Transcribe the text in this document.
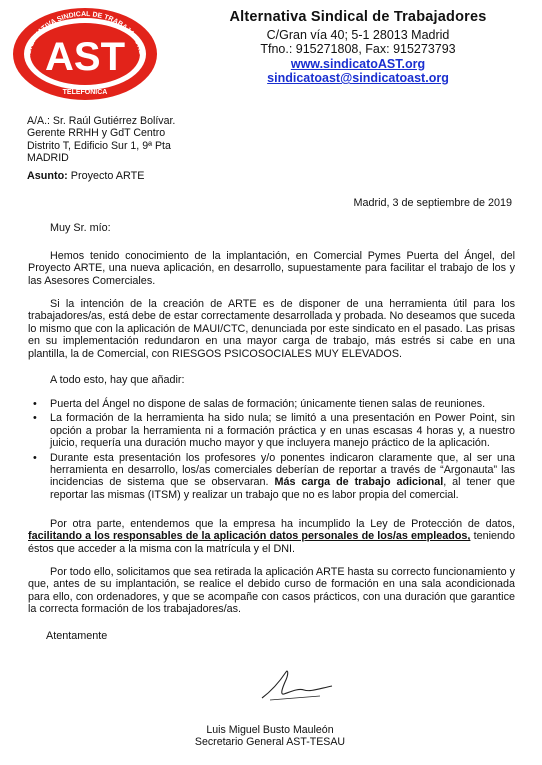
ALTERNATIVA SINDICAL DE TRABAJADORES
AST
TELEFONICA
Alternativa Sindical de Trabajadores
C/Gran vía 40; 5-1 28013 Madrid
Tfno.: 915271808, Fax: 915273793
www.sindicatoAST.org
sindicatoast@sindicatoast.org
A/A.: Sr. Raúl Gutiérrez Bolívar.
Gerente RRHH y GdT Centro
Distrito T, Edificio Sur 1, 9ª Pta
MADRID
Asunto: Proyecto ARTE
Madrid, 3 de septiembre de 2019
Muy Sr. mío:
Hemos tenido conocimiento de la implantación, en Comercial Pymes Puerta del Ángel, del Proyecto ARTE, una nueva aplicación, en desarrollo, supuestamente para facilitar el trabajo de los y las Asesores Comerciales.
Si la intención de la creación de ARTE es de disponer de una herramienta útil para los trabajadores/as, está debe de estar correctamente desarrollada y probada. No deseamos que suceda lo mismo que con la aplicación de MAUI/CTC, denunciada por este sindicato en el pasado. Las prisas en su implementación redundaron en una mayor carga de trabajo, más estrés si cabe en una plantilla, la de Comercial, con RIESGOS PSICOSOCIALES MUY ELEVADOS.
A todo esto, hay que añadir:
• Puerta del Ángel no dispone de salas de formación; únicamente tienen salas de reuniones.
• La formación de la herramienta ha sido nula; se limitó a una presentación en Power Point, sin opción a probar la herramienta ni a formación práctica y en unas escasas 4 horas y, a nuestro juicio, requería una duración mucho mayor y que incluyera manejo práctico de la aplicación.
• Durante esta presentación los profesores y/o ponentes indicaron claramente que, al ser una herramienta en desarrollo, los/as comerciales deberían de reportar a través de “Argonauta” las incidencias de sistema que se observaran. Más carga de trabajo adicional, al tener que reportar las mismas (ITSM) y realizar un trabajo que no es labor propia del comercial.
Por otra parte, entendemos que la empresa ha incumplido la Ley de Protección de datos, facilitando a los responsables de la aplicación datos personales de los/as empleados, teniendo éstos que acceder a la misma con la matrícula y el DNI.
Por todo ello, solicitamos que sea retirada la aplicación ARTE hasta su correcto funcionamiento y que, antes de su implantación, se realice el debido curso de formación en una sala acondicionada para ello, con ordenadores, y que se acompañe con casos prácticos, con una duración que garantice la correcta formación de los trabajadores/as.
Atentamente
Luis Miguel Busto Mauleón
Secretario General AST-TESAU
